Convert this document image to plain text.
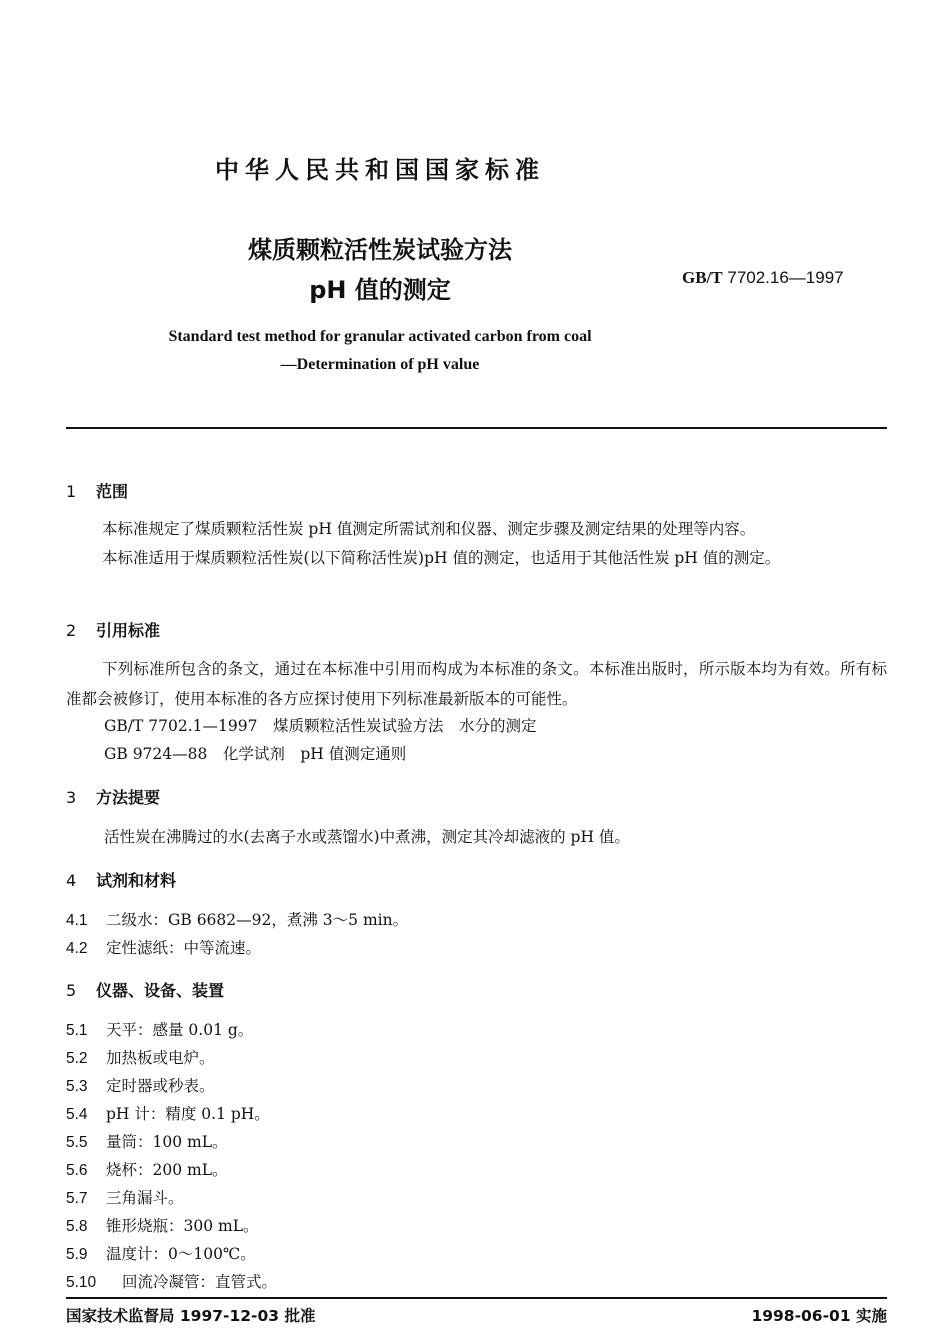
中华人民共和国国家标准
煤质颗粒活性炭试验方法
pH 值的测定	GB/T 7702.16—1997
Standard test method for granular activated carbon from coal
—Determination of pH value
1 范围
本标准规定了煤质颗粒活性炭 pH 值测定所需试剂和仪器、测定步骤及测定结果的处理等内容。
本标准适用于煤质颗粒活性炭(以下简称活性炭)pH 值的测定，也适用于其他活性炭 pH 值的测定。
2 引用标准
下列标准所包含的条文，通过在本标准中引用而构成为本标准的条文。本标准出版时，所示版本均为有效。所有标准都会被修订，使用本标准的各方应探讨使用下列标准最新版本的可能性。
GB/T 7702.1—1997　煤质颗粒活性炭试验方法　水分的测定
GB 9724—88　化学试剂　pH 值测定通则
3 方法提要
活性炭在沸腾过的水(去离子水或蒸馏水)中煮沸，测定其冷却滤液的 pH 值。
4 试剂和材料
4.1 二级水：GB 6682—92，煮沸 3～5 min。
4.2 定性滤纸：中等流速。
5 仪器、设备、装置
5.1 天平：感量 0.01 g。
5.2 加热板或电炉。
5.3 定时器或秒表。
5.4 pH 计：精度 0.1 pH。
5.5 量筒：100 mL。
5.6 烧杯：200 mL。
5.7 三角漏斗。
5.8 锥形烧瓶：300 mL。
5.9 温度计：0～100℃。
5.10 回流冷凝管：直管式。
国家技术监督局 1997-12-03 批准	1998-06-01 实施
